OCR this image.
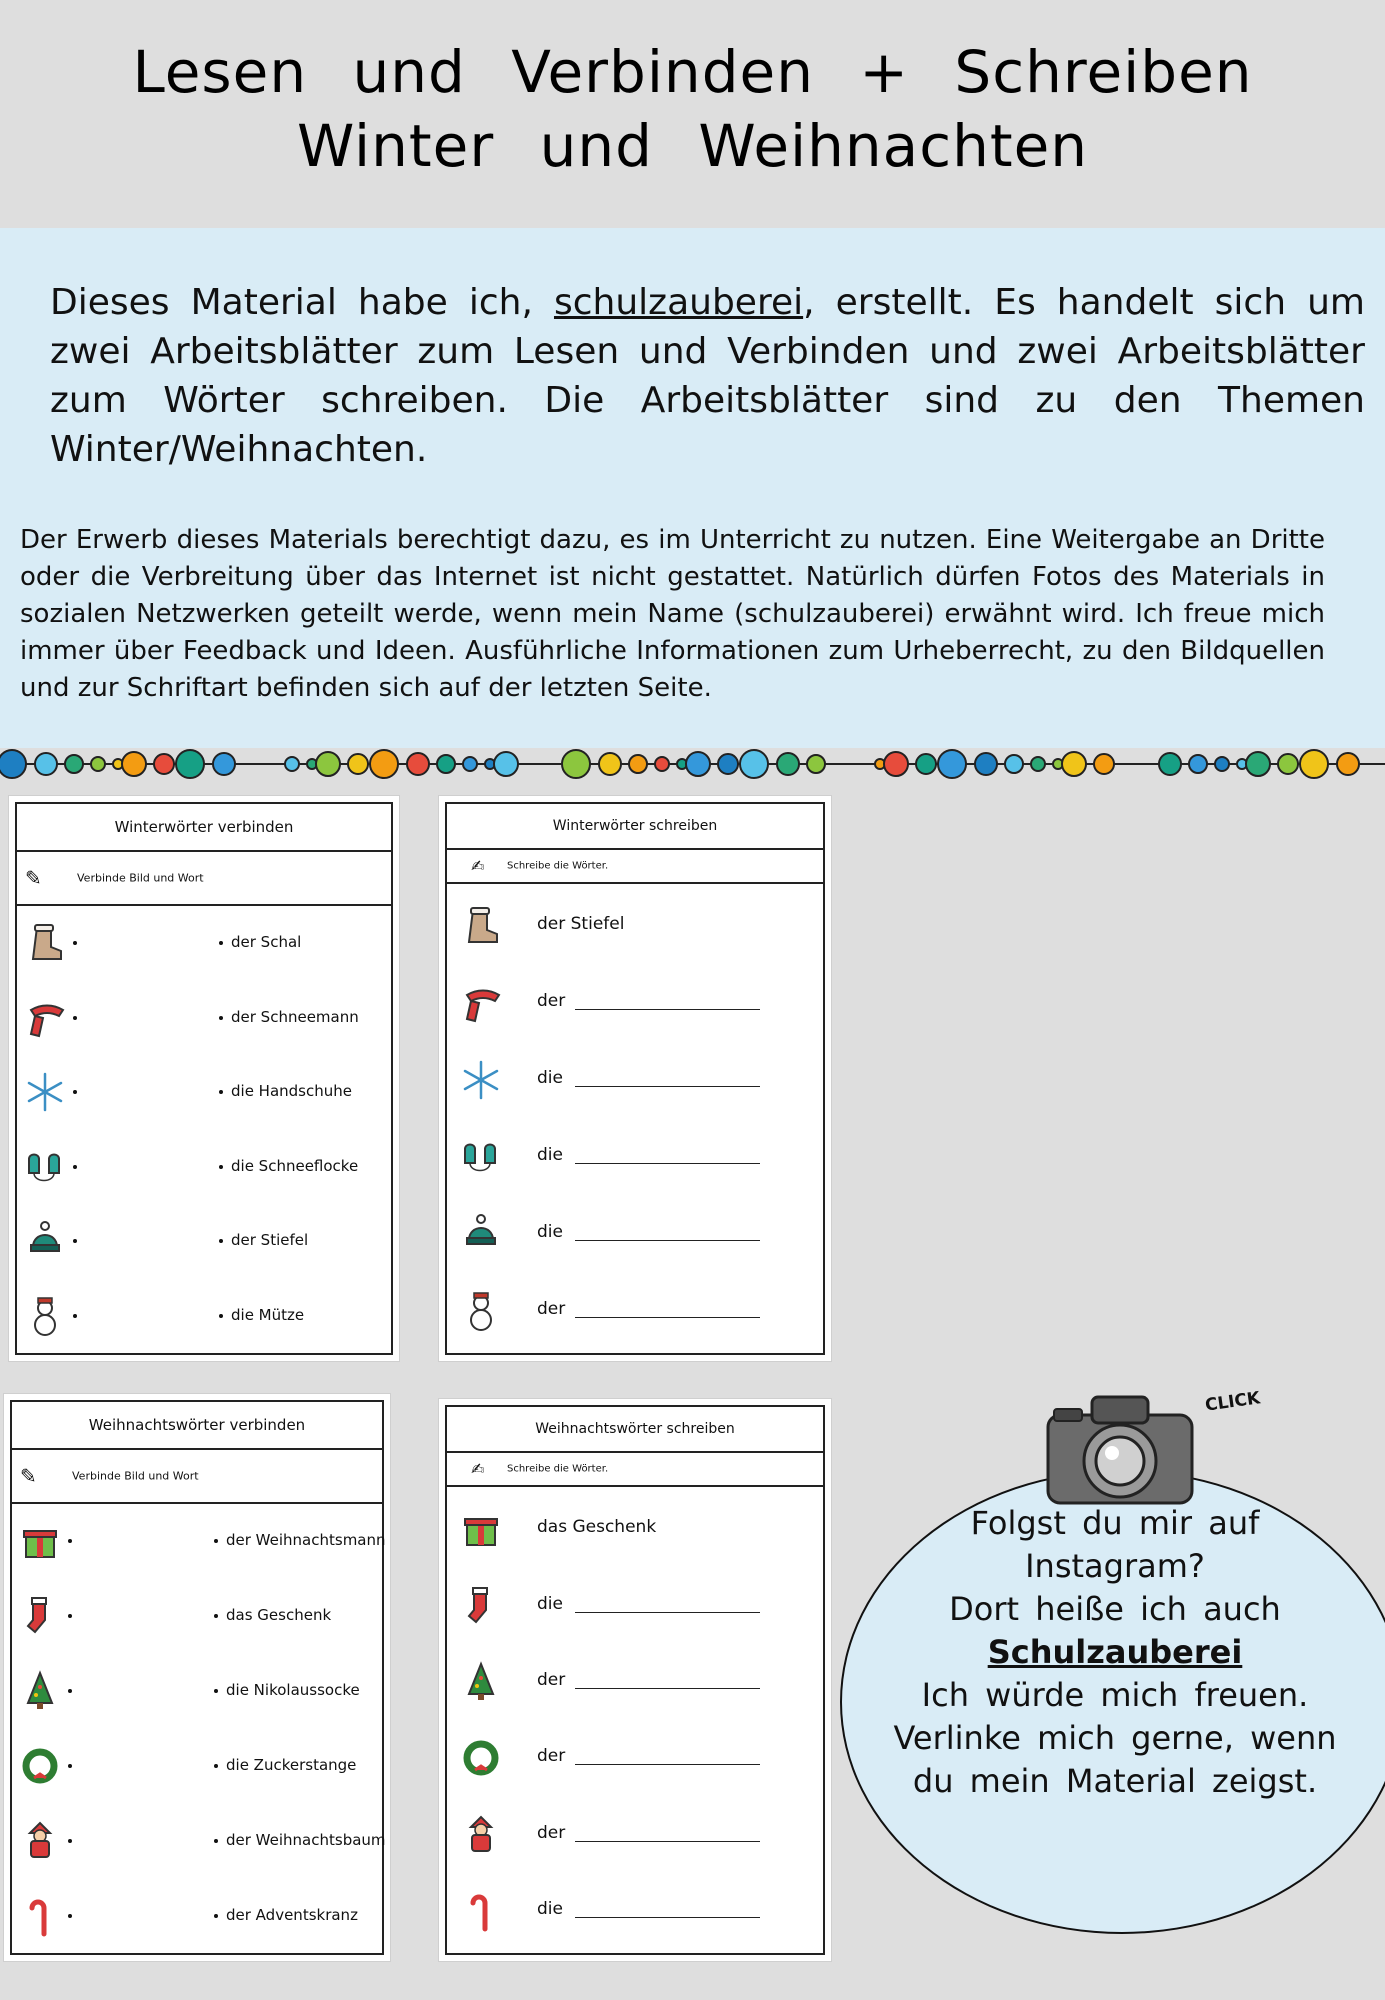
Lesen und Verbinden + Schreiben
Winter und Weihnachten
Dieses Material habe ich, schulzauberei, erstellt. Es handelt sich um zwei Arbeitsblätter zum Lesen und Verbinden und zwei Arbeitsblätter zum Wörter schreiben. Die Arbeitsblätter sind zu den Themen Winter/Weihnachten.
Der Erwerb dieses Materials berechtigt dazu, es im Unterricht zu nutzen. Eine Weitergabe an Dritte oder die Verbreitung über das Internet ist nicht gestattet. Natürlich dürfen Fotos des Materials in sozialen Netzwerken geteilt werde, wenn mein Name (schulzauberei) erwähnt wird. Ich freue mich immer über Feedback und Ideen. Ausführliche Informationen zum Urheberrecht, zu den Bildquellen und zur Schriftart befinden sich auf der letzten Seite.
Winterwörter verbinden
✎	Verbinde Bild und Wort
der Schal
der Schneemann
die Handschuhe
die Schneeflocke
der Stiefel
die Mütze
Winterwörter schreiben
✍ Schreibe die Wörter.
der Stiefel
der
die
die
die
der
Weihnachtswörter verbinden
✎	Verbinde Bild und Wort
der Weihnachtsmann
das Geschenk
die Nikolaussocke
die Zuckerstange
der Weihnachtsbaum
der Adventskranz
Weihnachtswörter schreiben
✍ Schreibe die Wörter.
das Geschenk
die
der
der
der
die
Folgst du mir auf Instagram?
Dort heiße ich auch
Schulzauberei
Ich würde mich freuen.
Verlinke mich gerne, wenn du mein Material zeigst.
CLICK
